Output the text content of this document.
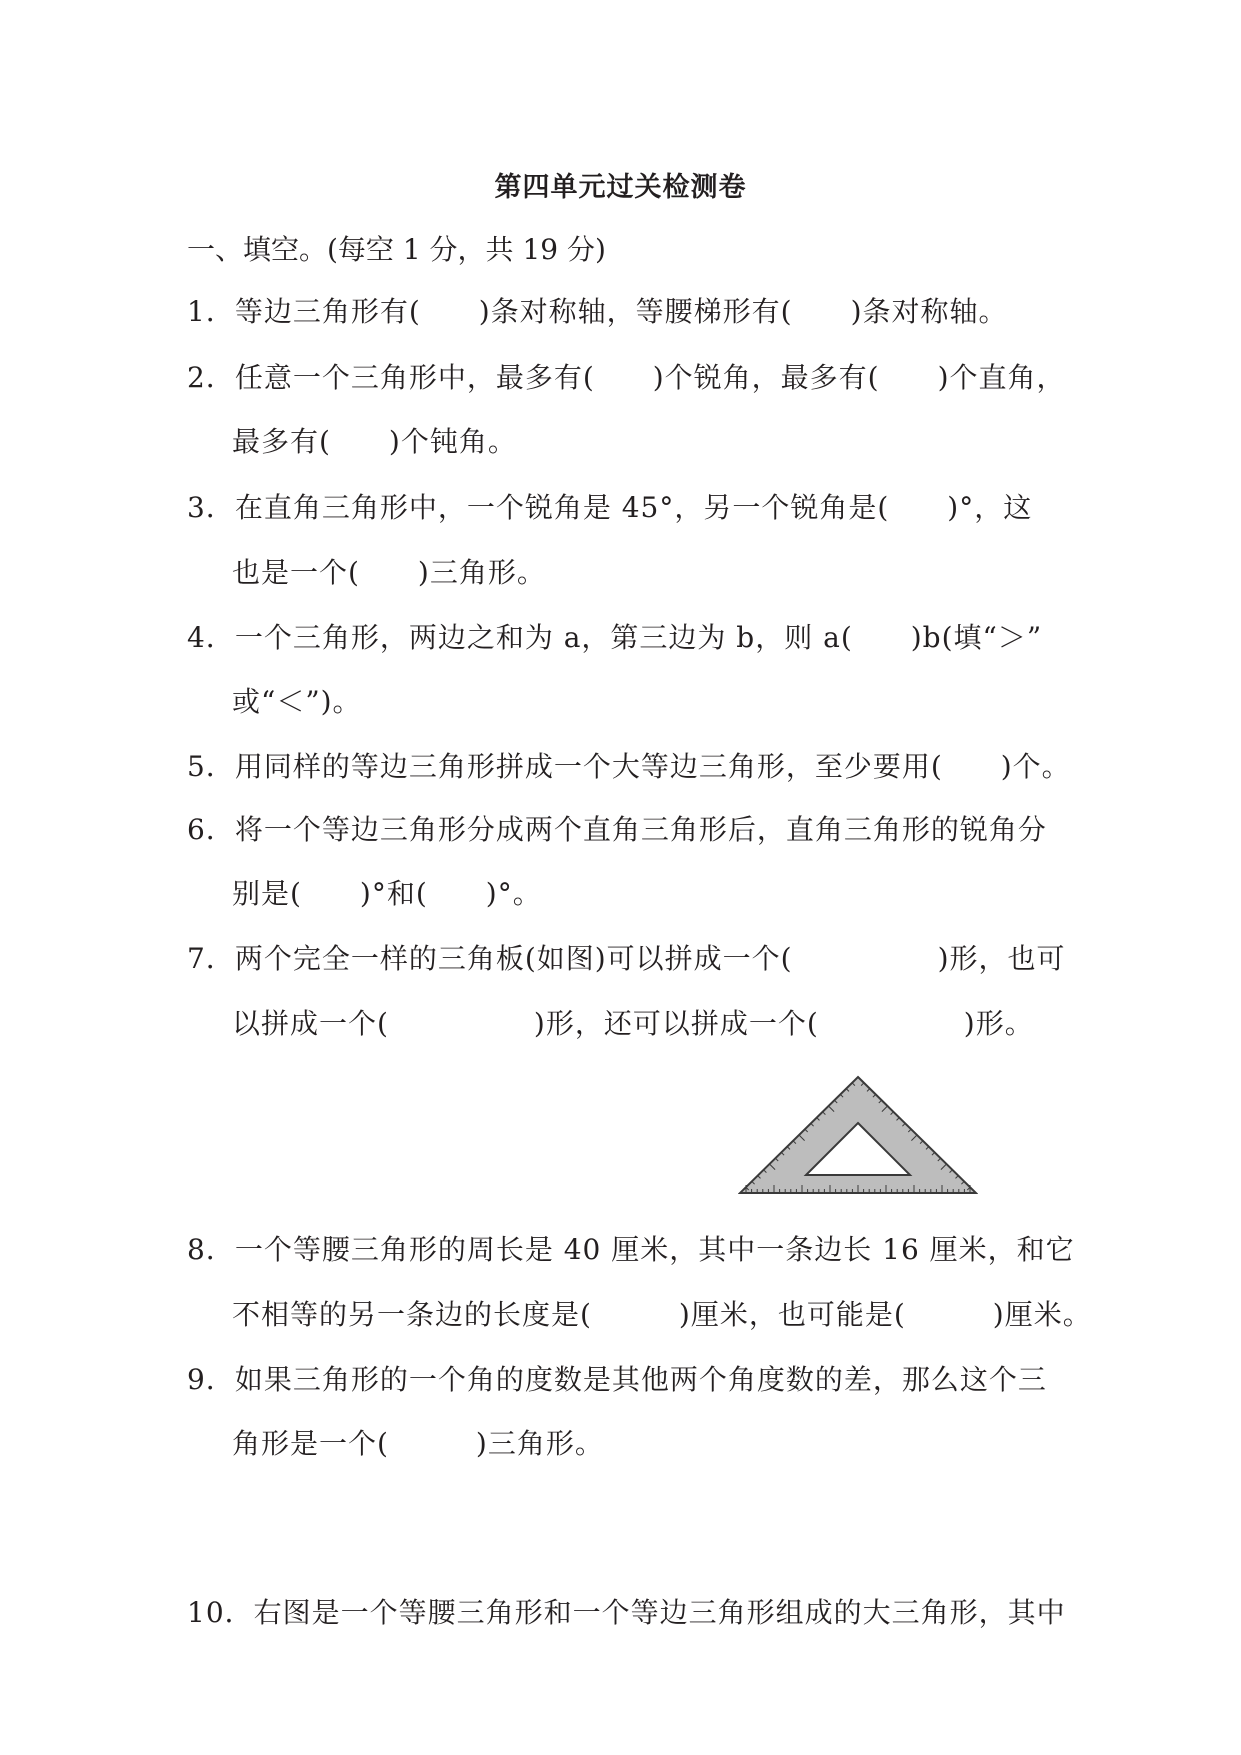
第四单元过关检测卷
一、填空。(每空 1 分，共 19 分)
1．等边三角形有(　　)条对称轴，等腰梯形有(　　)条对称轴。
2．任意一个三角形中，最多有(　　)个锐角，最多有(　　)个直角，
最多有(　　)个钝角。
3．在直角三角形中，一个锐角是 45°，另一个锐角是(　　)°，这
也是一个(　　)三角形。
4．一个三角形，两边之和为 a，第三边为 b，则 a(　　)b(填“＞”
或“＜”)。
5．用同样的等边三角形拼成一个大等边三角形，至少要用(　　)个。
6．将一个等边三角形分成两个直角三角形后，直角三角形的锐角分
别是(　　)°和(　　)°。
7．两个完全一样的三角板(如图)可以拼成一个(　　　　　)形，也可
以拼成一个(　　　　　)形，还可以拼成一个(　　　　　)形。
8．一个等腰三角形的周长是 40 厘米，其中一条边长 16 厘米，和它
不相等的另一条边的长度是(　　　)厘米，也可能是(　　　)厘米。
9．如果三角形的一个角的度数是其他两个角度数的差，那么这个三
角形是一个(　　　)三角形。
10．右图是一个等腰三角形和一个等边三角形组成的大三角形，其中
